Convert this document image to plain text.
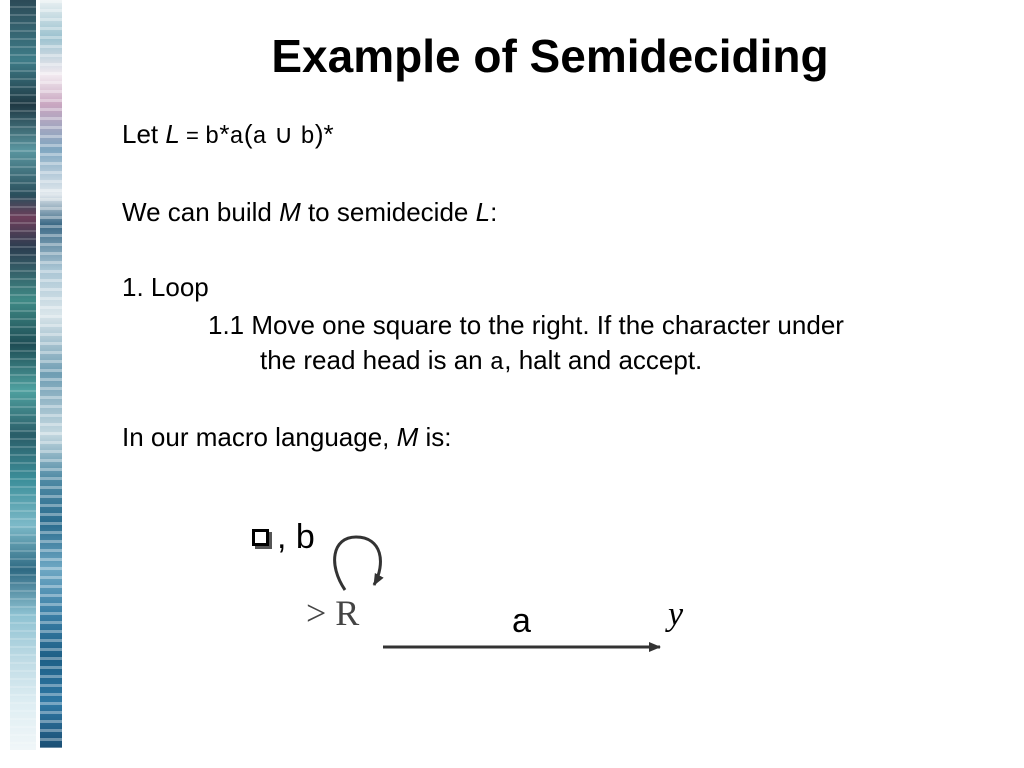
Example of Semideciding
Let L = b*a(a ∪ b)*
We can build M to semidecide L:
1. Loop
1.1 Move one square to the right. If the character under
the read head is an a, halt and accept.
In our macro language, M is:
, b
> R	a	y
